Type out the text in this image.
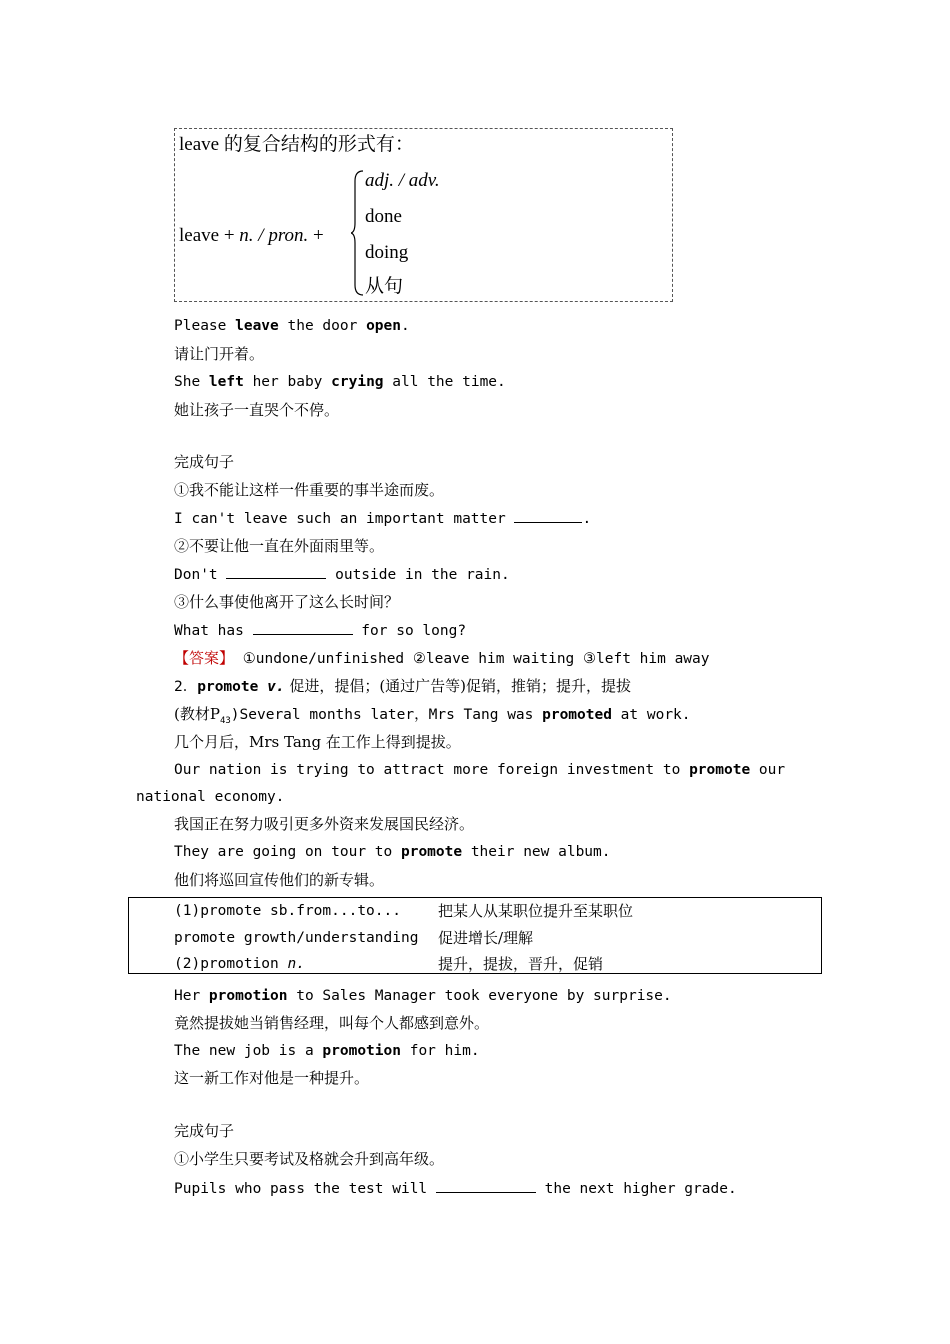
leave 的复合结构的形式有：
leave + n. / pron. +
adj. / adv.
done
doing
从句
Please leave the door open.
请让门开着。
She left her baby crying all the time.
她让孩子一直哭个不停。
完成句子
①我不能让这样一件重要的事半途而废。
I can't leave such an important matter	.
②不要让他一直在外面雨里等。
Don't	outside in the rain.
③什么事使他离开了这么长时间？
What has	for so long?
【答案】 ①undone/unfinished ②leave him waiting ③left him away
2．promote v. 促进，提倡；(通过广告等)促销，推销；提升，提拔
(教材$P_{43})Several$ months later，Mrs Tang was promoted at work.
几个月后，Mrs Tang 在工作上得到提拔。
Our nation is trying to attract more foreign investment to promote our
national economy.
我国正在努力吸引更多外资来发展国民经济。
They are going on tour to promote their new album.
他们将巡回宣传他们的新专辑。
(1)promote sb.from...to... 把某人从某职位提升至某职位
promote growth/understanding 促进增长/理解
(2)promotion n.	提升，提拔，晋升，促销
Her promotion to Sales Manager took everyone by surprise.
竟然提拔她当销售经理，叫每个人都感到意外。
The new job is a promotion for him.
这一新工作对他是一种提升。
完成句子
①小学生只要考试及格就会升到高年级。
Pupils who pass the test will	the next higher grade.
